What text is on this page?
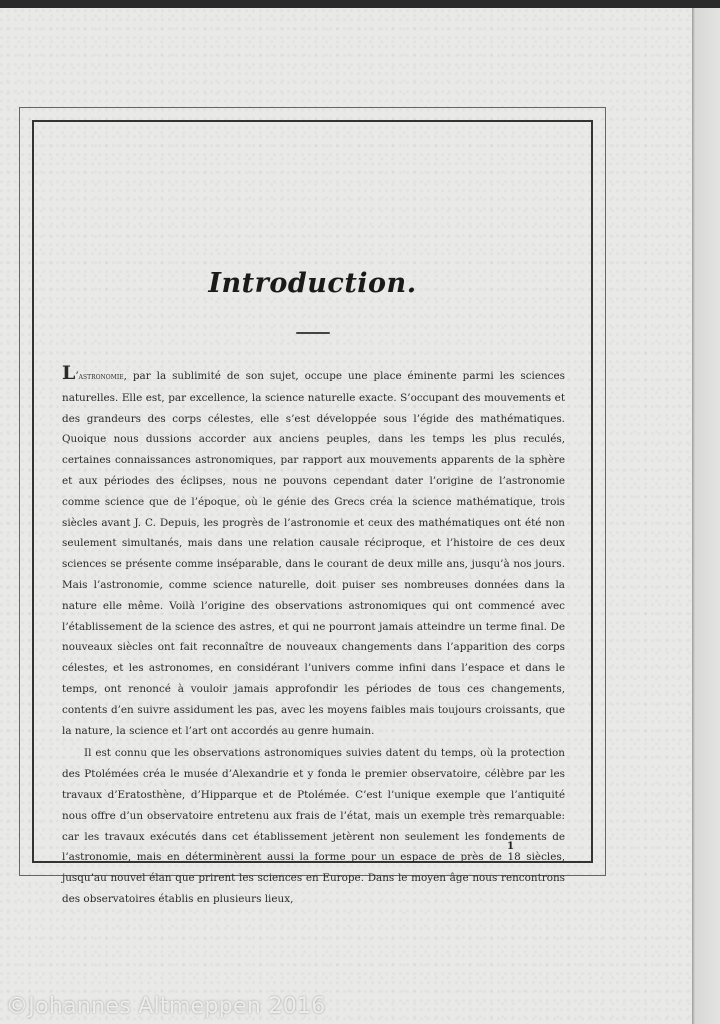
Introduction.

L’astronomie, par la sublimité de son sujet, occupe une place éminente parmi les sciences naturelles. Elle est, par excellence, la science naturelle exacte. S’occupant des mouvements et des grandeurs des corps célestes, elle s’est développée sous l’égide des mathématiques. Quoique nous dussions accorder aux anciens peuples, dans les temps les plus reculés, certaines connaissances astronomiques, par rapport aux mouvements apparents de la sphère et aux périodes des éclipses, nous ne pouvons cependant dater l’origine de l’astronomie comme science que de l’époque, où le génie des Grecs créa la science mathématique, trois siècles avant J. C. Depuis, les progrès de l’astronomie et ceux des mathématiques ont été non seulement simultanés, mais dans une relation causale réciproque, et l’histoire de ces deux sciences se présente comme inséparable, dans le courant de deux mille ans, jusqu’à nos jours. Mais l’astronomie, comme science naturelle, doit puiser ses nombreuses données dans la nature elle même. Voilà l’origine des observations astronomiques qui ont commencé avec l’établissement de la science des astres, et qui ne pourront jamais atteindre un terme final. De nouveaux siècles ont fait reconnaître de nouveaux changements dans l’apparition des corps célestes, et les astronomes, en considérant l’univers comme infini dans l’espace et dans le temps, ont renoncé à vouloir jamais approfondir les périodes de tous ces changements, contents d’en suivre assidument les pas, avec les moyens faibles mais toujours croissants, que la nature, la science et l’art ont accordés au genre humain.

Il est connu que les observations astronomiques suivies datent du temps, où la protection des Ptolémées créa le musée d’Alexandrie et y fonda le premier observatoire, célèbre par les travaux d’Eratosthène, d’Hipparque et de Ptolémée. C’est l’unique exemple que l’antiquité nous offre d’un observatoire entretenu aux frais de l’état, mais un exemple très remarquable: car les travaux exécutés dans cet établissement jetèrent non seulement les fondements de l’astronomie, mais en déterminèrent aussi la forme pour un espace de près de 18 siècles, jusqu’au nouvel élan que prirent les sciences en Europe. Dans le moyen âge nous rencontrons des observatoires établis en plusieurs lieux,

1
©Johannes Altmeppen 2016
